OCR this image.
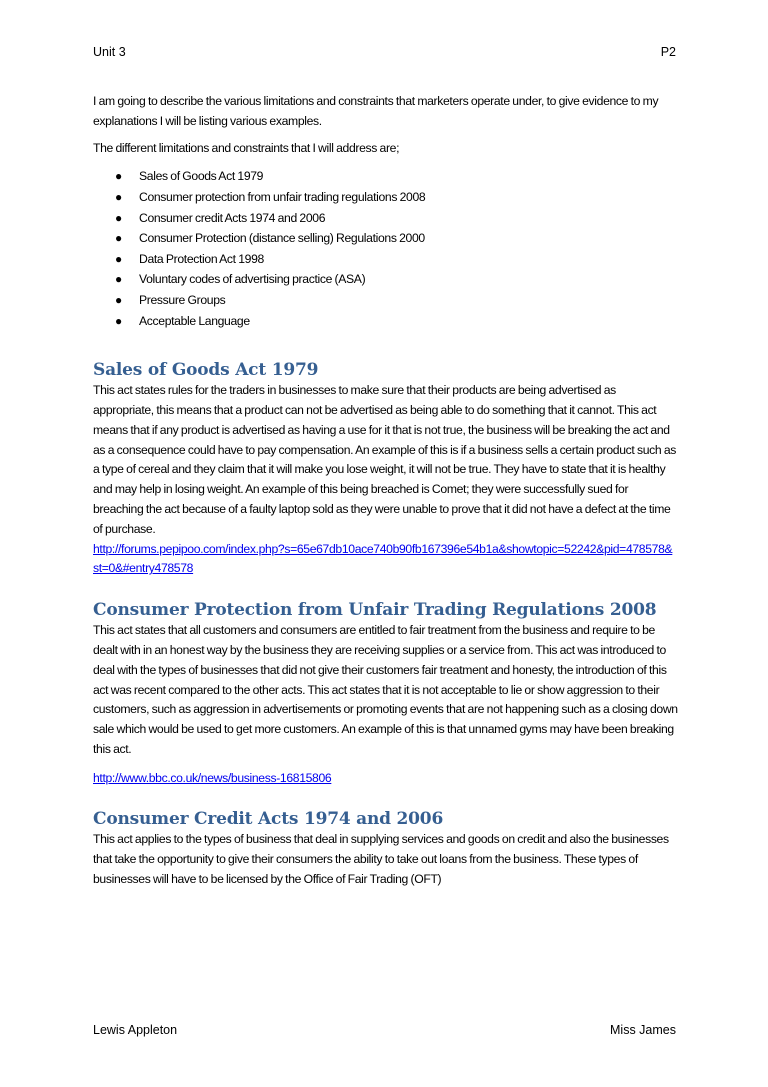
Unit 3	P2

I am going to describe the various limitations and constraints that marketers operate under, to give evidence to my explanations I will be listing various examples.

The different limitations and constraints that I will address are;

● Sales of Goods Act 1979
● Consumer protection from unfair trading regulations 2008
● Consumer credit Acts 1974 and 2006
● Consumer Protection (distance selling) Regulations 2000
● Data Protection Act 1998
● Voluntary codes of advertising practice (ASA)
● Pressure Groups
● Acceptable Language
Sales of Goods Act 1979

This act states rules for the traders in businesses to make sure that their products are being advertised as appropriate, this means that a product can not be advertised as being able to do something that it cannot. This act means that if any product is advertised as having a use for it that is not true, the business will be breaking the act and as a consequence could have to pay compensation. An example of this is if a business sells a certain product such as a type of cereal and they claim that it will make you lose weight, it will not be true. They have to state that it is healthy and may help in losing weight. An example of this being breached is Comet; they were successfully sued for breaching the act because of a faulty laptop sold as they were unable to prove that it did not have a defect at the time of purchase.

http://forums.pepipoo.com/index.php?s=65e67db10ace740b90fb167396e54b1a&showtopic=52242&pid=478578&st=0&#entry478578

Consumer Protection from Unfair Trading Regulations 2008

This act states that all customers and consumers are entitled to fair treatment from the business and require to be dealt with in an honest way by the business they are receiving supplies or a service from. This act was introduced to deal with the types of businesses that did not give their customers fair treatment and honesty, the introduction of this act was recent compared to the other acts. This act states that it is not acceptable to lie or show aggression to their customers, such as aggression in advertisements or promoting events that are not happening such as a closing down sale which would be used to get more customers. An example of this is that unnamed gyms may have been breaking this act.

http://www.bbc.co.uk/news/business-16815806

Consumer Credit Acts 1974 and 2006

This act applies to the types of business that deal in supplying services and goods on credit and also the businesses that take the opportunity to give their consumers the ability to take out loans from the business. These types of businesses will have to be licensed by the Office of Fair Trading (OFT)

Lewis Appleton	Miss James
